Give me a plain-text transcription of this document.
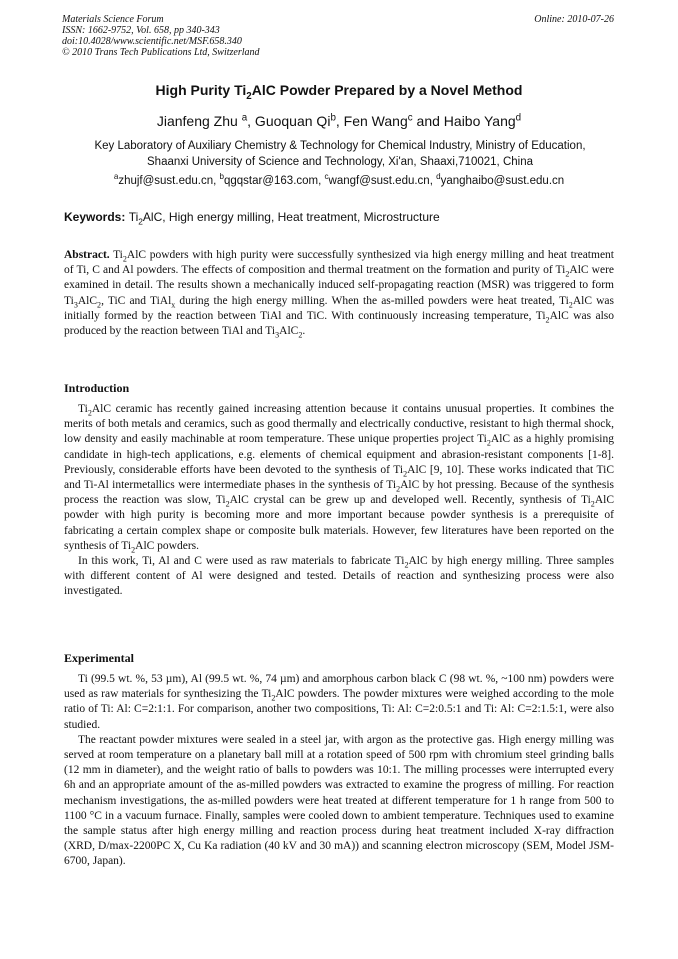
Materials Science Forum
ISSN: 1662-9752, Vol. 658, pp 340-343
doi:10.4028/www.scientific.net/MSF.658.340
© 2010 Trans Tech Publications Ltd, Switzerland
Online: 2010-07-26
High Purity $Ti_2AlC$ Powder Prepared by a Novel Method
Jianfeng Zhu $^a$, Guoquan Qi$^b$, Fen Wang$^c$ and Haibo Yang$^d$
Key Laboratory of Auxiliary Chemistry & Technology for Chemical Industry, Ministry of Education,
Shaanxi University of Science and Technology, Xi'an, Shaaxi,710021, China
$^a$zhujf@sust.edu.cn, $^b$qgqstar@163.com, $^c$wangf@sust.edu.cn, $^d$yanghaibo@sust.edu.cn
Keywords: $Ti_2AlC$, High energy milling, Heat treatment, Microstructure

Abstract. $Ti_2AlC$ powders with high purity were successfully synthesized via high energy milling and heat treatment of Ti, C and Al powders. The effects of composition and thermal treatment on the formation and purity of $Ti_2AlC$ were examined in detail. The results shown a mechanically induced self-propagating reaction (MSR) was triggered to form $Ti_3AlC_2$, TiC and TiAl$_x$ during the high energy milling. When the as-milled powders were heat treated, $Ti_2AlC$ was initially formed by the reaction between TiAl and TiC. With continuously increasing temperature, $Ti_2AlC$ was also produced by the reaction between TiAl and $Ti_3AlC_2$.

Introduction

$Ti_2AlC$ ceramic has recently gained increasing attention because it contains unusual properties. It combines the merits of both metals and ceramics, such as good thermally and electrically conductive, resistant to high thermal shock, low density and easily machinable at room temperature. These unique properties project $Ti_2AlC$ as a highly promising candidate in high-tech applications, e.g. elements of chemical equipment and abrasion-resistant components [1-8]. Previously, considerable efforts have been devoted to the synthesis of $Ti_2AlC$ [9, 10]. These works indicated that TiC and Ti-Al intermetallics were intermediate phases in the synthesis of $Ti_2AlC$ by hot pressing. Because of the synthesis process the reaction was slow, $Ti_2AlC$ crystal can be grew up and developed well. Recently, synthesis of $Ti_2AlC$ powder with high purity is becoming more and more important because powder synthesis is a prerequisite of fabricating a certain complex shape or composite bulk materials. However, few literatures have been reported on the synthesis of $Ti_2AlC$ powders.

In this work, Ti, Al and C were used as raw materials to fabricate $Ti_2AlC$ by high energy milling. Three samples with different content of Al were designed and tested. Details of reaction and synthesizing process were also investigated.

Experimental

Ti (99.5 wt. %, 53 µm), Al (99.5 wt. %, 74 µm) and amorphous carbon black C (98 wt. %, ~100 nm) powders were used as raw materials for synthesizing the $Ti_2AlC$ powders. The powder mixtures were weighed according to the mole ratio of Ti: Al: C=2:1:1. For comparison, another two compositions, Ti: Al: C=2:0.5:1 and Ti: Al: C=2:1.5:1, were also studied.

The reactant powder mixtures were sealed in a steel jar, with argon as the protective gas. High energy milling was served at room temperature on a planetary ball mill at a rotation speed of 500 rpm with chromium steel grinding balls (12 mm in diameter), and the weight ratio of balls to powders was 10:1. The milling processes were interrupted every 6h and an appropriate amount of the as-milled powders was extracted to examine the progress of milling. For reaction mechanism investigations, the as-milled powders were heat treated at different temperature for 1 h range from 500 to 1100 °C in a vacuum furnace. Finally, samples were cooled down to ambient temperature. Techniques used to examine the sample status after high energy milling and reaction process during heat treatment included X-ray diffraction (XRD, D/max-2200PC X, Cu Ka radiation (40 kV and 30 mA)) and scanning electron microscopy (SEM, Model JSM-6700, Japan).
